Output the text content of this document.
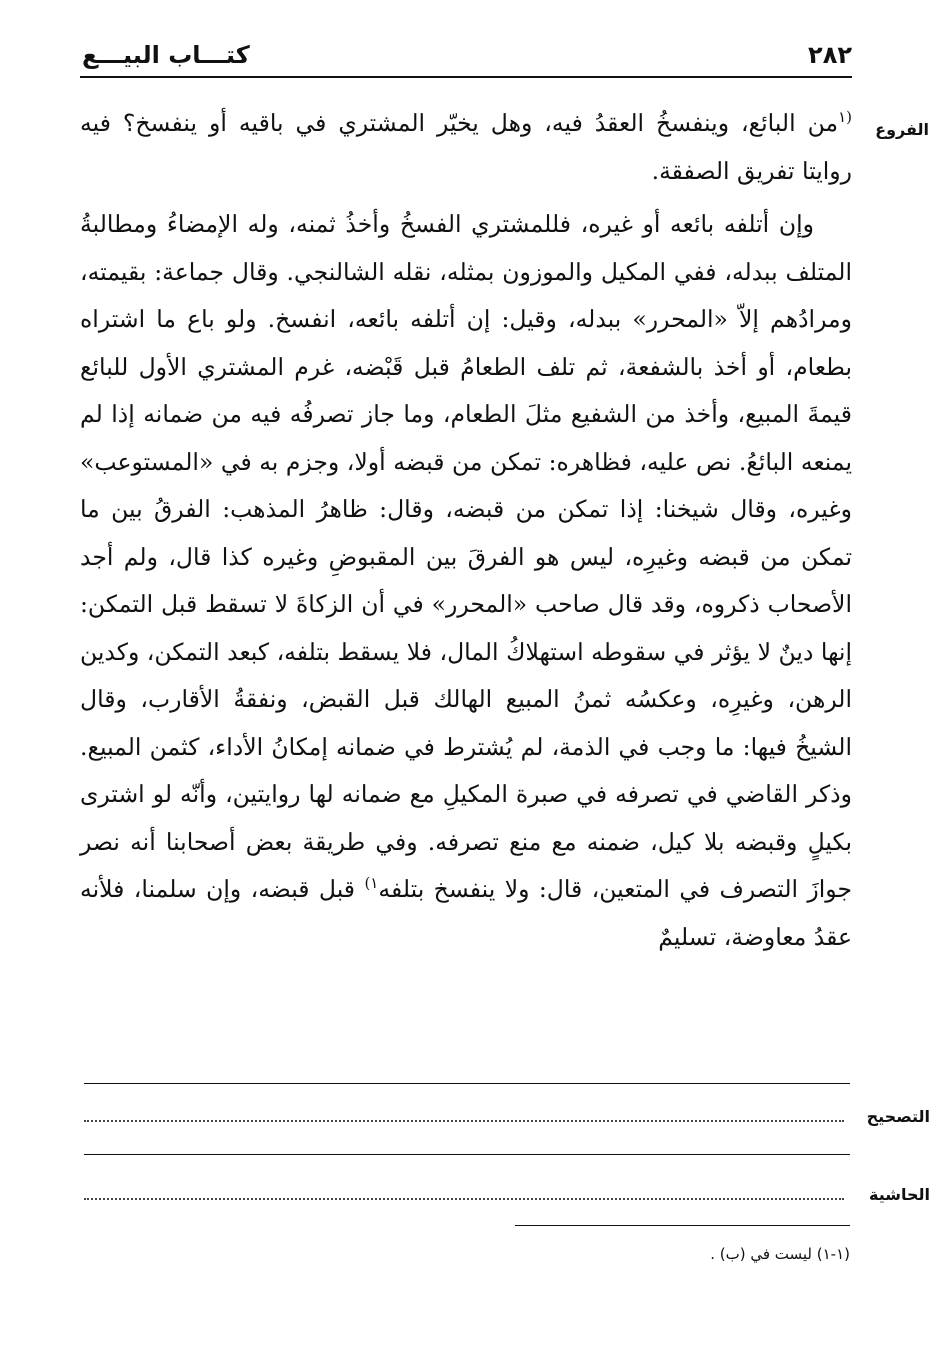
٢٨٢
كتـــاب البيـــع
الفروع

$^{(١}$من البائع، وينفسخُ العقدُ فيه، وهل يخيّر المشتري في باقيه أو ينفسخ؟ فيه روايتا تفريق الصفقة.

وإن أتلفه بائعه أو غيره، فللمشتري الفسخُ وأخذُ ثمنه، وله الإمضاءُ ومطالبةُ المتلف ببدله، ففي المكيل والموزون بمثله، نقله الشالنجي. وقال جماعة: بقيمته، ومرادُهم إلاّ «المحرر» ببدله، وقيل: إن أتلفه بائعه، انفسخ. ولو باع ما اشتراه بطعام، أو أخذ بالشفعة، ثم تلف الطعامُ قبل قَبْضه، غرم المشتري الأول للبائع قيمةَ المبيع، وأخذ من الشفيع مثلَ الطعام، وما جاز تصرفُه فيه من ضمانه إذا لم يمنعه البائعُ. نص عليه، فظاهره: تمكن من قبضه أولا، وجزم به في «المستوعب» وغيره، وقال شيخنا: إذا تمكن من قبضه، وقال: ظاهرُ المذهب: الفرقُ بين ما تمكن من قبضه وغيرِه، ليس هو الفرقَ بين المقبوضِ وغيره كذا قال، ولم أجد الأصحاب ذكروه، وقد قال صاحب «المحرر» في أن الزكاةَ لا تسقط قبل التمكن: إنها دينٌ لا يؤثر في سقوطه استهلاكُ المال، فلا يسقط بتلفه، كبعد التمكن، وكدين الرهن، وغيرِه، وعكسُه ثمنُ المبيع الهالك قبل القبض، ونفقةُ الأقارب، وقال الشيخُ فيها: ما وجب في الذمة، لم يُشترط في ضمانه إمكانُ الأداء، كثمن المبيع. وذكر القاضي في تصرفه في صبرة المكيلِ مع ضمانه لها روايتين، وأنّه لو اشترى بكيلٍ وقبضه بلا كيل، ضمنه مع منع تصرفه. وفي طريقة بعض أصحابنا أنه نصر جوازَ التصرف في المتعين، قال: ولا ينفسخ بتلفه$^{١)}$ قبل قبضه، وإن سلمنا، فلأنه عقدُ معاوضة، تسليمٌ

التصحيح
الحاشية
(١-١) ليست في (ب) .
